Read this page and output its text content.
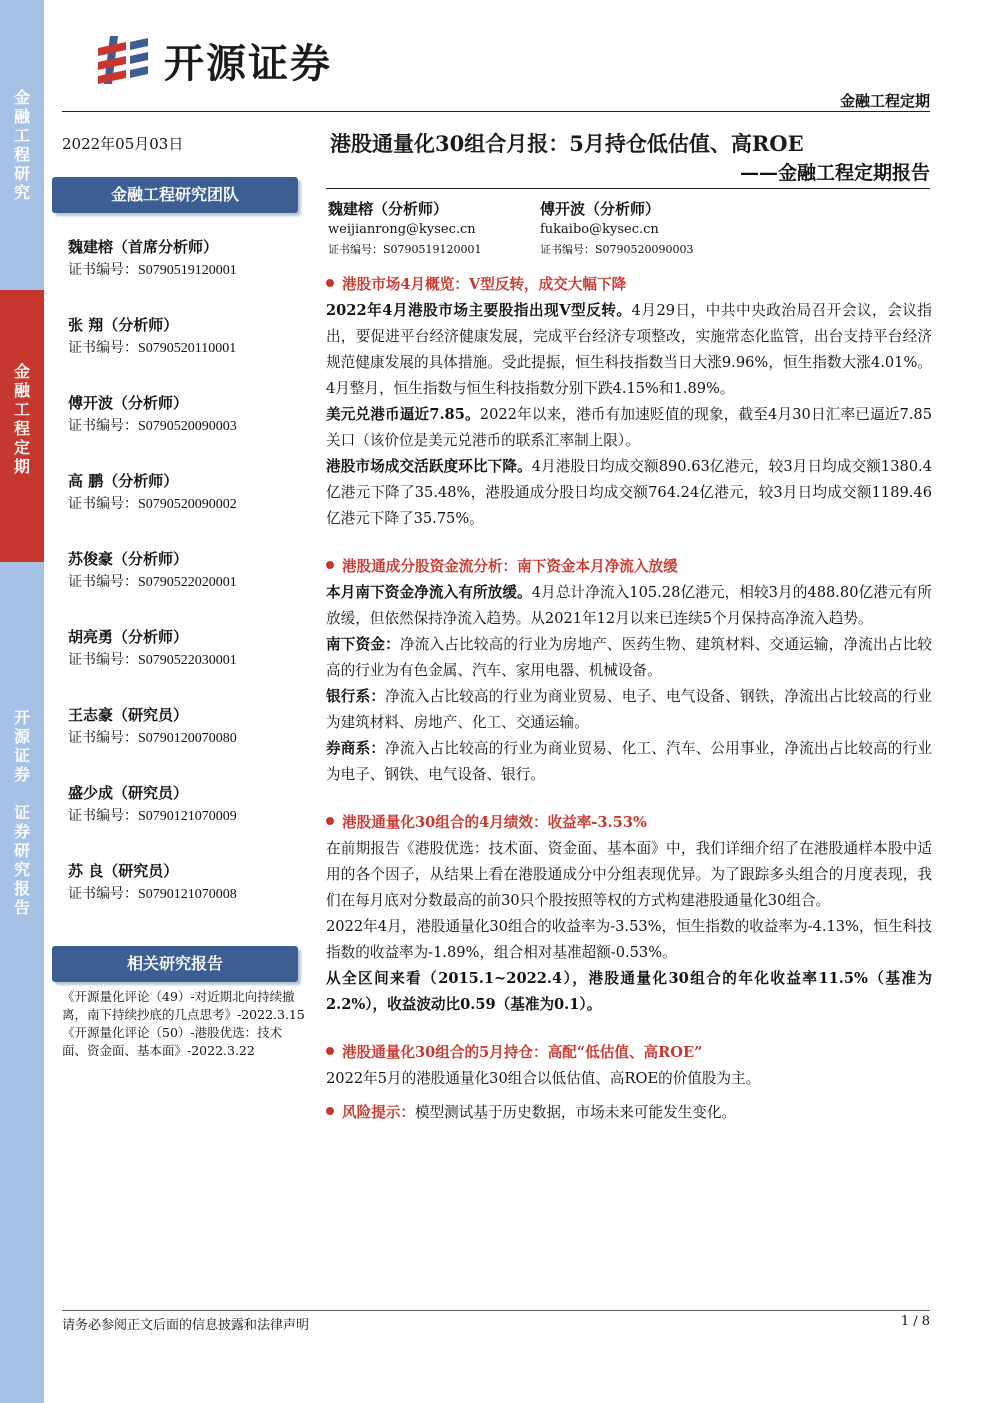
金
融
工
程
研
究
金
融
工
程
定
期
开
源
证
券

证
券
研
究
报
告
开源证券
金融工程定期
2022年05月03日	港股通量化30组合月报：5月持仓低估值、高ROE
——金融工程定期报告
魏建榕（分析师）
weijianrong@kysec.cn
证书编号：S0790519120001
傅开波（分析师）
fukaibo@kysec.cn
证书编号：S0790520090003
金融工程研究团队
魏建榕（首席分析师）
证书编号：S0790519120001
张 翔（分析师）
证书编号：S0790520110001
傅开波（分析师）
证书编号：S0790520090003
高 鹏（分析师）
证书编号：S0790520090002
苏俊豪（分析师）
证书编号：S0790522020001
胡亮勇（分析师）
证书编号：S0790522030001
王志豪（研究员）
证书编号：S0790120070080
盛少成（研究员）
证书编号：S0790121070009
苏 良（研究员）
证书编号：S0790121070008
相关研究报告
《开源量化评论（49）-对近期北向持续撤离，南下持续抄底的几点思考》-2022.3.15
《开源量化评论（50）-港股优选：技术面、资金面、基本面》-2022.3.22
港股市场4月概览：V型反转，成交大幅下降
2022年4月港股市场主要股指出现V型反转。4月29日，中共中央政治局召开会议，会议指出，要促进平台经济健康发展，完成平台经济专项整改，实施常态化监管，出台支持平台经济规范健康发展的具体措施。受此提振，恒生科技指数当日大涨9.96%，恒生指数大涨4.01%。4月整月，恒生指数与恒生科技指数分别下跌4.15%和1.89%。
美元兑港币逼近7.85。2022年以来，港币有加速贬值的现象，截至4月30日汇率已逼近7.85关口（该价位是美元兑港币的联系汇率制上限）。
港股市场成交活跃度环比下降。4月港股日均成交额890.63亿港元，较3月日均成交额1380.4亿港元下降了35.48%，港股通成分股日均成交额764.24亿港元，较3月日均成交额1189.46亿港元下降了35.75%。
港股通成分股资金流分析：南下资金本月净流入放缓
本月南下资金净流入有所放缓。4月总计净流入105.28亿港元，相较3月的488.80亿港元有所放缓，但依然保持净流入趋势。从2021年12月以来已连续5个月保持高净流入趋势。
南下资金：净流入占比较高的行业为房地产、医药生物、建筑材料、交通运输，净流出占比较高的行业为有色金属、汽车、家用电器、机械设备。
银行系：净流入占比较高的行业为商业贸易、电子、电气设备、钢铁，净流出占比较高的行业为建筑材料、房地产、化工、交通运输。
券商系：净流入占比较高的行业为商业贸易、化工、汽车、公用事业，净流出占比较高的行业为电子、钢铁、电气设备、银行。
港股通量化30组合的4月绩效：收益率-3.53%
在前期报告《港股优选：技术面、资金面、基本面》中，我们详细介绍了在港股通样本股中适用的各个因子，从结果上看在港股通成分中分组表现优异。为了跟踪多头组合的月度表现，我们在每月底对分数最高的前30只个股按照等权的方式构建港股通量化30组合。
2022年4月，港股通量化30组合的收益率为-3.53%，恒生指数的收益率为-4.13%，恒生科技指数的收益率为-1.89%，组合相对基准超额-0.53%。
从全区间来看（2015.1~2022.4），港股通量化30组合的年化收益率11.5%（基准为2.2%），收益波动比0.59（基准为0.1）。
港股通量化30组合的5月持仓：高配“低估值、高ROE”
2022年5月的港股通量化30组合以低估值、高ROE的价值股为主。
风险提示：模型测试基于历史数据，市场未来可能发生变化。
请务必参阅正文后面的信息披露和法律声明	1 / 8
